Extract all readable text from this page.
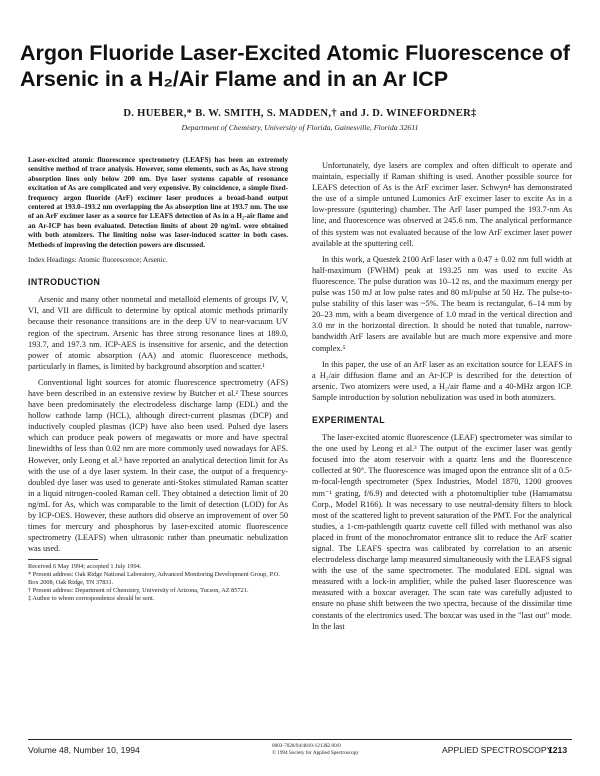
Argon Fluoride Laser-Excited Atomic Fluorescence of Arsenic in a H₂/Air Flame and in an Ar ICP
D. HUEBER,* B. W. SMITH, S. MADDEN,† and J. D. WINEFORDNER‡
Department of Chemistry, University of Florida, Gainesville, Florida 32611

Laser-excited atomic fluorescence spectrometry (LEAFS) has been an extremely sensitive method of trace analysis. However, some elements, such as As, have strong absorption lines only below 200 nm. Dye laser systems capable of resonance excitation of As are complicated and very expensive. By coincidence, a simple fixed-frequency argon fluoride (ArF) excimer laser produces a broad-band output centered at 193.0–193.2 nm overlapping the As absorption line at 193.7 nm. The use of an ArF excimer laser as a source for LEAFS detection of As in a H₂-air flame and an Ar-ICP has been evaluated. Detection limits of about 20 ng/mL were obtained with both atomizers. The limiting noise was laser-induced scatter in both cases. Methods of improving the detection powers are discussed.

Index Headings: Atomic fluorescence; Arsenic.

INTRODUCTION

Arsenic and many other nonmetal and metalloid elements of groups IV, V, VI, and VII are difficult to determine by optical atomic methods primarily because their resonance transitions are in the deep UV to near-vacuum UV region of the spectrum. Arsenic has three strong resonance lines at 189.0, 193.7, and 197.3 nm. ICP-AES is insensitive for arsenic, and the detection power of atomic absorption (AA) and atomic fluorescence methods, particularly in flames, is limited by background absorption and scatter.¹

Conventional light sources for atomic fluorescence spectrometry (AFS) have been described in an extensive review by Butcher et al.² These sources have been predominately the electrodeless discharge lamp (EDL) and the hollow cathode lamp (HCL), although direct-current plasmas (DCP) and inductively coupled plasmas (ICP) have also been used. Pulsed dye lasers which can produce peak powers of megawatts or more and have spectral linewidths of less than 0.02 nm are more commonly used nowadays for AFS. However, only Leong et al.³ have reported an analytical detection limit for As with the use of a dye laser system. In their case, the output of a frequency-doubled dye laser was used to generate anti-Stokes stimulated Raman scatter in a liquid nitrogen-cooled Raman cell. They obtained a detection limit of 20 ng/mL for As, which was comparable to the limit of detection (LOD) for As by ICP-OES. However, these authors did observe an improvement of over 50 times for mercury and phosphorus by laser-excited atomic fluorescence spectrometry (LEAFS) when ultrasonic rather than pneumatic nebulization was used.

Received 6 May 1994; accepted 1 July 1994.

* Present address: Oak Ridge National Laboratory, Advanced Monitoring Development Group, P.O. Box 2008, Oak Ridge, TN 37831.

† Present address: Department of Chemistry, University of Arizona, Tucson, AZ 85721.

‡ Author to whom correspondence should be sent.

Unfortunately, dye lasers are complex and often difficult to operate and maintain, especially if Raman shifting is used. Another possible source for LEAFS detection of As is the ArF excimer laser. Schwyn⁴ has demonstrated the use of a simple untuned Lumonics ArF excimer laser to excite As in a low-pressure (sputtering) chamber. The ArF laser pumped the 193.7-nm As line, and fluorescence was observed at 245.6 nm. The analytical performance of this system was not evaluated because of the low ArF excimer laser power available at the sputtering cell.

In this work, a Questek 2100 ArF laser with a 0.47 ± 0.02 nm full width at half-maximum (FWHM) peak at 193.25 nm was used to excite As fluorescence. The pulse duration was 10–12 ns, and the maximum energy per pulse was 150 mJ at low pulse rates and 80 mJ/pulse at 50 Hz. The pulse-to-pulse stability of this laser was ~5%. The beam is rectangular, 6–14 mm by 20–23 mm, with a beam divergence of 1.0 mrad in the vertical direction and 3.0 mr in the horizontal direction. It should be noted that tunable, narrow-bandwidth ArF lasers are available but are much more expensive and more complex.⁵

In this paper, the use of an ArF laser as an excitation source for LEAFS in a H₂/air diffusion flame and an Ar-ICP is described for the detection of arsenic. Two atomizers were used, a H₂/air flame and a 40-MHz argon ICP. Sample introduction by solution nebulization was used in both atomizers.

EXPERIMENTAL

The laser-excited atomic fluorescence (LEAF) spectrometer was similar to the one used by Leong et al.³ The output of the excimer laser was gently focused into the atom reservoir with a quartz lens and the fluorescence collected at 90°. The fluorescence was imaged upon the entrance slit of a 0.5-m-focal-length spectrometer (Spex Industries, Model 1870, 1200 grooves mm⁻¹ grating, f/6.9) and detected with a photomultiplier tube (Hamamatsu Corp., Model R166). It was necessary to use neutral-density filters to block most of the scattered light to prevent saturation of the PMT. For the analytical studies, a 1-cm-pathlength quartz cuvette cell filled with methanol was also placed in front of the monochromator entrance slit to reduce the ArF scatter signal. The LEAFS spectra was calibrated by correlation to an arsenic electrodeless discharge lamp measured simultaneously with the LEAFS signal with the use of the same spectrometer. The modulated EDL signal was measured with a lock-in amplifier, while the pulsed laser fluorescence was measured with a boxcar averager. The scan rate was carefully adjusted to ensure no phase shift between the two spectra, because of the dissimilar time constants of the electronics used. The boxcar was used in the "last out" mode. In the last

Volume 48, Number 10, 1994	0003-7028/94/4810-1213$2.00/0
© 1994 Society for Applied Spectroscopy	APPLIED SPECTROSCOPY
1213
